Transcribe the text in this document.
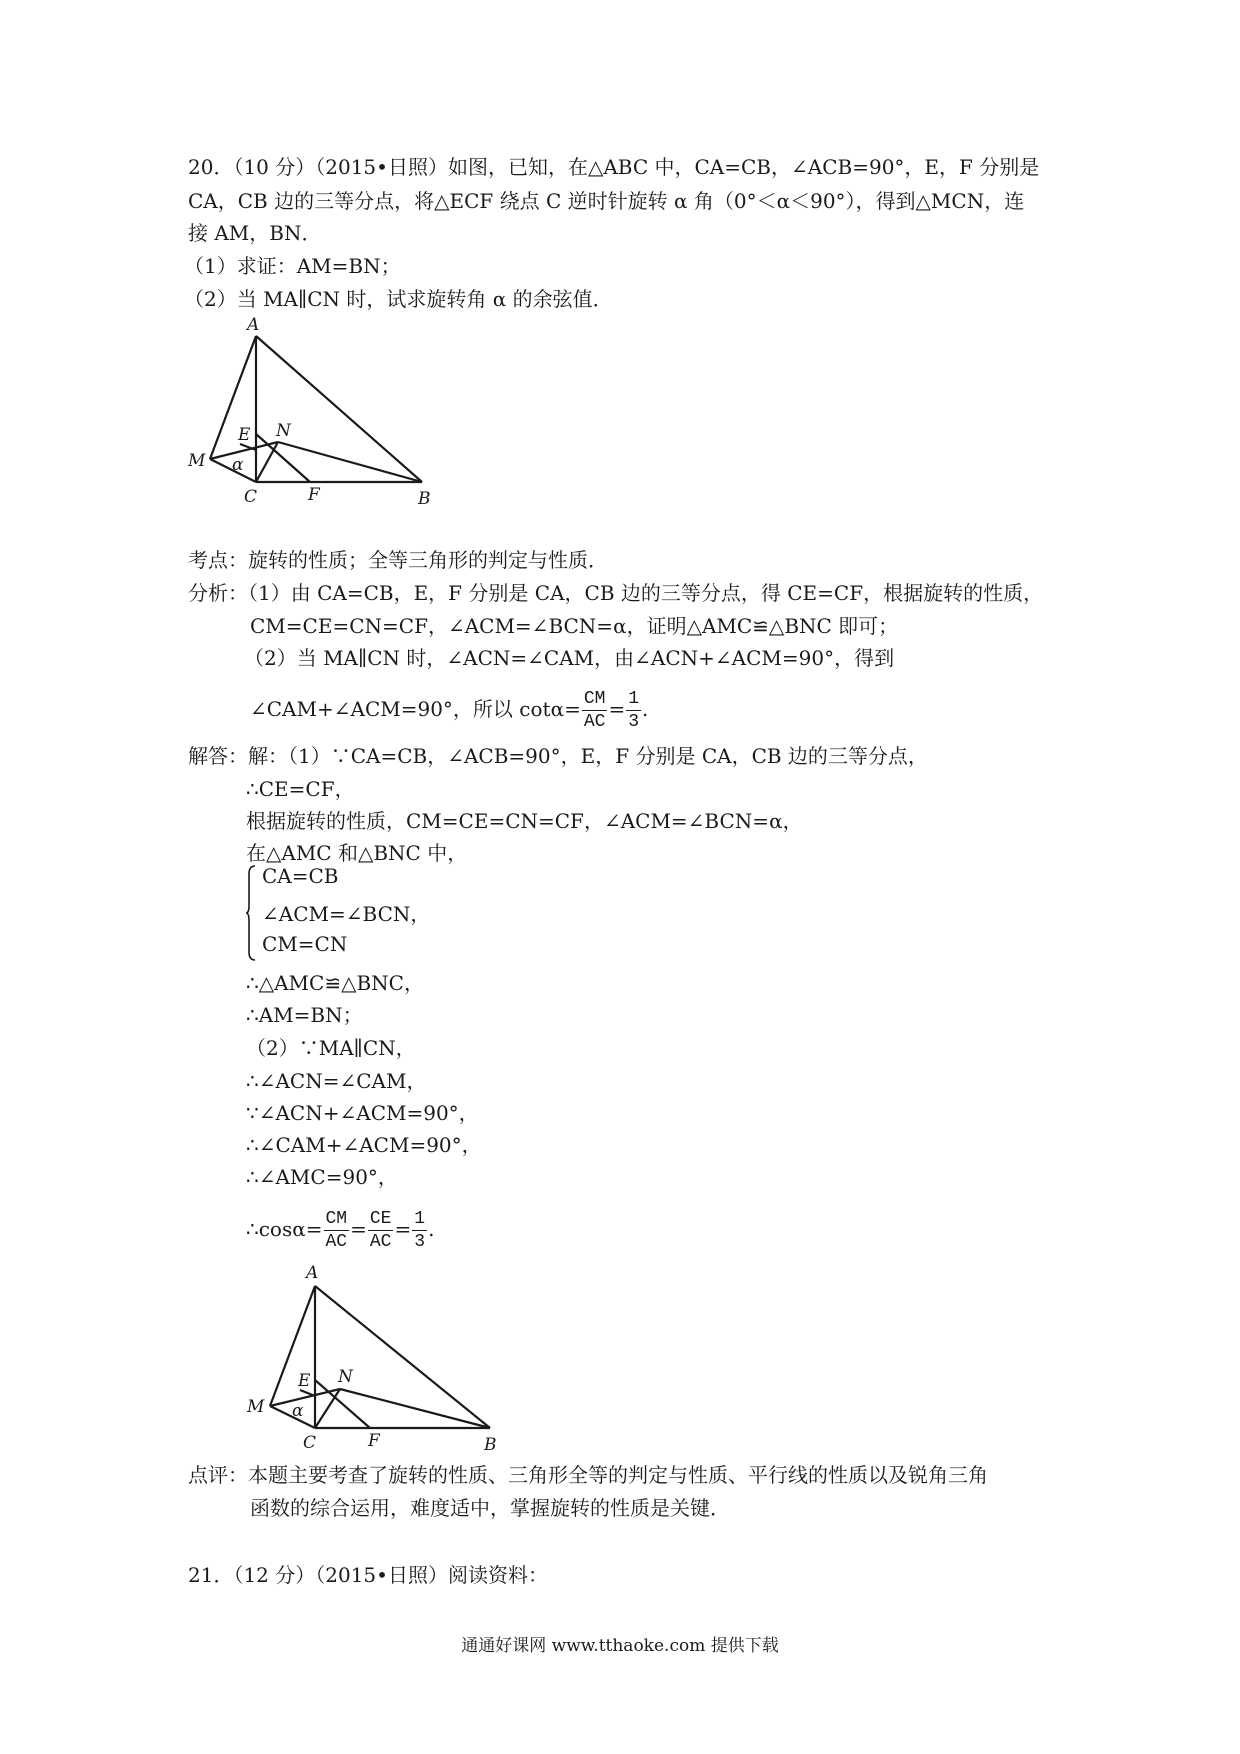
20．（10 分）（2015•日照）如图，已知，在△ABC 中，CA=CB，∠ACB=90°，E，F 分别是
CA，CB 边的三等分点，将△ECF 绕点 C 逆时针旋转 α 角（0°＜α＜90°），得到△MCN，连
接 AM，BN．
（1）求证：AM=BN；
（2）当 MA∥CN 时，试求旋转角 α 的余弦值．
A
E N
M α
C	F	B
考点：旋转的性质；全等三角形的判定与性质．
分析：（1）由 CA=CB，E，F 分别是 CA，CB 边的三等分点，得 CE=CF，根据旋转的性质，
CM=CE=CN=CF，∠ACM=∠BCN=α，证明△AMC≌△BNC 即可；
（2）当 MA∥CN 时，∠ACN=∠CAM，由∠ACN+∠ACM=90°，得到
∠CAM+∠ACM=90°，所以 $\cot\alpha= \frac{CM}{AC} = \frac{1}{3}$ .
解答：解：（1）∵CA=CB，∠ACB=90°，E，F 分别是 CA，CB 边的三等分点，
∴CE=CF，
根据旋转的性质，CM=CE=CN=CF，∠ACM=∠BCN=α，
在△AMC 和△BNC 中，
CA=CB
∠ACM=∠BCN，
CM=CN
∴△AMC≌△BNC，
∴AM=BN；
（2）∵MA∥CN，
∴∠ACN=∠CAM，
∵∠ACN+∠ACM=90°，
∴∠CAM+∠ACM=90°，
∴∠AMC=90°，
∴cosα= $\frac{CM}{AC} = \frac{CE}{AC} = \frac{1}{3}$ .
A
E N
M α
C	F	B
点评：本题主要考查了旋转的性质、三角形全等的判定与性质、平行线的性质以及锐角三角
函数的综合运用，难度适中，掌握旋转的性质是关键．
21．（12 分）（2015•日照）阅读资料：
通通好课网 www.tthaoke.com 提供下载
